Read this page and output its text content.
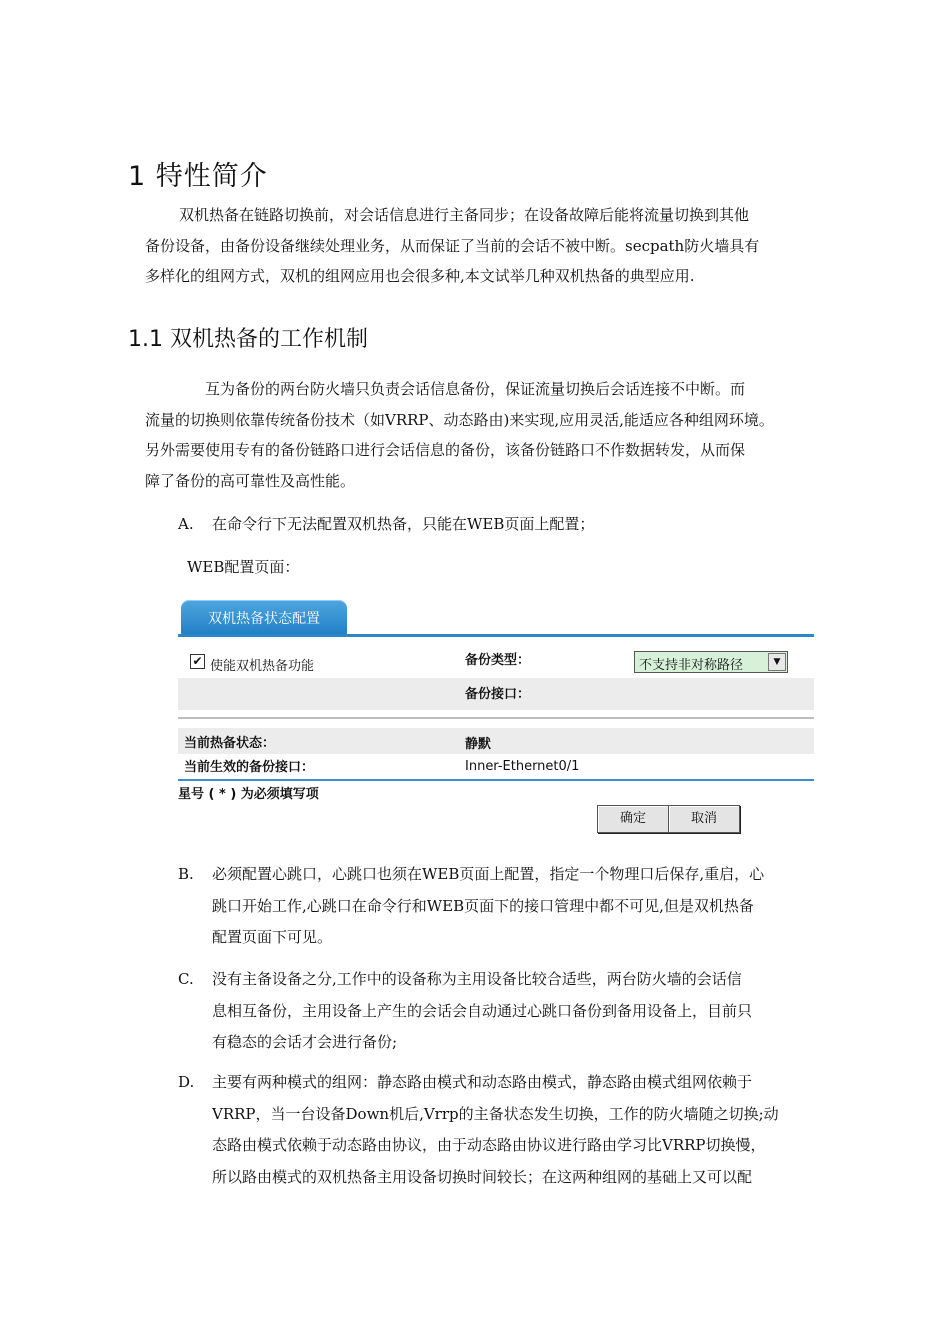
1 特性简介
双机热备在链路切换前，对会话信息进行主备同步；在设备故障后能将流量切换到其他
备份设备，由备份设备继续处理业务，从而保证了当前的会话不被中断。secpath防火墙具有
多样化的组网方式，双机的组网应用也会很多种,本文试举几种双机热备的典型应用.
1.1 双机热备的工作机制
互为备份的两台防火墙只负责会话信息备份，保证流量切换后会话连接不中断。而
流量的切换则依靠传统备份技术（如VRRP、动态路由)来实现,应用灵活,能适应各种组网环境。
另外需要使用专有的备份链路口进行会话信息的备份，该备份链路口不作数据转发，从而保
障了备份的高可靠性及高性能。
A.	在命令行下无法配置双机热备，只能在WEB页面上配置；
WEB配置页面：
双机热备状态配置
✔ 使能双机热备功能	备份类型：	不支持非对称路径	▼
备份接口：
当前热备状态：	静默
当前生效的备份接口：	Inner-Ethernet0/1
星号 ( * ) 为必须填写项
确定	取消
B.	必须配置心跳口，心跳口也须在WEB页面上配置，指定一个物理口后保存,重启，心
跳口开始工作,心跳口在命令行和WEB页面下的接口管理中都不可见,但是双机热备
配置页面下可见。
C.	没有主备设备之分,工作中的设备称为主用设备比较合适些，两台防火墙的会话信
息相互备份，主用设备上产生的会话会自动通过心跳口备份到备用设备上，目前只
有稳态的会话才会进行备份;
D.	主要有两种模式的组网：静态路由模式和动态路由模式，静态路由模式组网依赖于
VRRP，当一台设备Down机后,Vrrp的主备状态发生切换，工作的防火墙随之切换;动
态路由模式依赖于动态路由协议，由于动态路由协议进行路由学习比VRRP切换慢，
所以路由模式的双机热备主用设备切换时间较长；在这两种组网的基础上又可以配
